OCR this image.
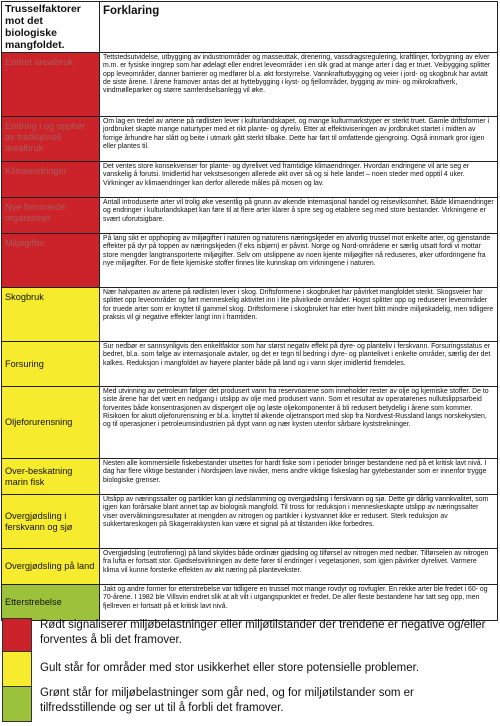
Trusselfaktorer mot det biologiske mangfoldet.	Forklaring
Endret arealbruk	Tettstedsutvidelse, utbygging av industriområder og masseuttak, drenering, vassdragsregulering, kraftlinjer, forbygning av elver m.m. er fysiske inngrep som har ødelagt eller endret leveområder i en slik grad at mange arter i dag er truet. Veibygging splitter opp leveområder, danner barrierer og medfører bl.a. økt forstyrrelse. Vannkraftutbygging og veier i jord- og skogbruk har avtatt de siste årene. I årene framover antas det at hyttebygging i kyst- og fjellområder, bygging av mini- og mikrokraftverk, vindmølleparker og større samferdselsanlegg vil øke.
Endring i og opphør av tradisjonell arealbruk	Om lag en tredel av artene på rødlisten lever i kulturlandskapet, og mange kulturmarkstyper er sterkt truet. Gamle driftsformer i jordbruket skapte mange naturtyper med et rikt plante- og dyreliv. Etter at effektiviseringen av jordbruket startet i midten av forrige århundre har slått og beite i utmark gått sterkt tilbake. Dette har ført til omfattende gjengroing. Også innmark gror igjen eller plantes til.
Klimaendringer	Det ventes store konsekvenser for plante- og dyrelivet ved framtidige klimaendringer. Hvordan endringene vil arte seg er vanskelig å forutsi. Imidlertid har vekstsesongen allerede økt over så og si hele landet – noen steder med opptil 4 uker. Virkninger av klimaendringer kan derfor allerede måles på mosen og lav.
Nye fremmede organismer	Antall introduserte arter vil trolig øke vesentlig på grunn av økende internasjonal handel og reiseviksomhet. Både klimaendringer og endringer i kulturlandskapet kan føre til at flere arter klarer å spre seg og etablere seg med store bestander. Virkningene er svært uforutsigbare.
Miljøgifter	På lang sikt er opphoping av miljøgifter i naturen og naturens næringskjeder en alvorlig trussel mot enkelte arter, og gjenstande effekter på dyr på toppen av næringskjeden (f eks isbjørn) er påvist. Norge og Nord-områdene er særlig utsatt fordi vi mottar store mengder langtransporterte miljøgifter. Selv om utslippene av noen kjente miljøgifter nå reduseres, øker utfordringene fra nye miljøgifter. For de flete kjemiske stoffer finnes lite kunnskap om virkningene i naturen.
Skogbruk	Nær halvparten av artene på rødlisten lever i skog. Driftsformene i skogbruket har påvirket mangfoldet sterkt. Skogsveier har splittet opp leveområder og ført menneskelig aktivitet inn i lite påvirkede områder. Hogst splitter opp og reduserer leveområder for truede arter som er knyttet til gammel skog. Driftsformene i skogbruket har etter hvert blitt mindre miljøskadelig, men tidligere praksis vil gi negative effekter langt inn i framtiden.
Forsuring	Sur nedbør er sannsynligvis den enkeltfaktor som har størst negativ effekt på dyre- og planteliv i ferskvann. Forsuringsstatus er bedret, bl.a. som følge av internasjonale avtaler, og det er tegn til bedring i dyre- og plantelivet i enkelte områder, særlig der det kalkes. Reduksjon i mangfoldet av høyere planter både på land og i vann skjer imidlertid fremdeles.
Oljeforurensning	Med utvinning av petroleum følger det produsert vann fra reservoarene som inneholder rester av olje og kjemiske stoffer. De to siste årene har det vært en nedgang i utslipp av olje med produsert vann. Som et resultat av operatørenes nullutslippsarbeid forventes både konsentrasjonen av dispergert olje og løste oljekomponenter å bli redusert betydelig i årene som kommer. Risikoen for akutt oljeforurensning er bl.a. knyttet til økende oljetransport med skip fra Nordvest-Russland langs norskekysten, og til operasjoner i petroleumsindustrien på dypt vann og nær kysten utenfor sårbare kyststrekninger.
Over-beskatning marin fisk	Nesten alle kommersielle fiskebestander utsettes for hardt fiske som i perioder bringer bestandene ned på et kritisk lavt nivå. I dag har flere viktige bestander i Nordsjøen lave nivåer, mens andre viktige fiskeslag har gytebestander som er innenfor trygge biologiske grenser.
Overgjødsling i ferskvann og sjø	Utslipp av næringssalter og partikler kan gi nedslamming og overgjødsling i ferskvann og sjø. Dette gir dårlig vannkvalitet, som igjen kan forårsake blant annet tap av biologisk mangfold. Til tross for reduksjon i menneskeskapte utslipp av næringssalter viser overvåkningsresultater at mengden av nitrogen og partikler i kystvannet ikke er redusert. Sterk reduksjon av sukkertareskogen på Skagerrakkysten kan være et signal på at tilstanden ikke forbedres.
Overgjødsling på land	Overgjødsling (eutrofiering) på land skyldes både ordinær gjødsling og tilførsel av nitrogen med nedbør. Tilførselen av nitrogen fra lufta er fortsatt stor. Gjødselsvirkningen av dette fører til endringer i vegetasjonen, som igjen påvirker dyrelivet. Varmere klima vil kunne forsterke effekten av økt næring på plantevekster.
Etterstrebelse	Jakt og andre former for etterstrebelse var tidligere en trussel mot mange rovdyr og rovfugler. En rekke arter ble fredet i 60- og 70-årene. I 1982 ble Villsvin endret slik at alt vilt i utgangspunktet er fredet. De aller fleste bestandene har tatt seg opp, men fjellreven er fortsatt på et kritisk lavt nivå.
Rødt signaliserer miljøbelastninger eller miljøtilstander der trendene er negative og/eller forventes å bli det framover.
Gult står for områder med stor usikkerhet eller store potensielle problemer.
Grønt står for miljøbelastninger som går ned, og for miljøtilstander som er tilfredsstillende og ser ut til å forbli det framover.
